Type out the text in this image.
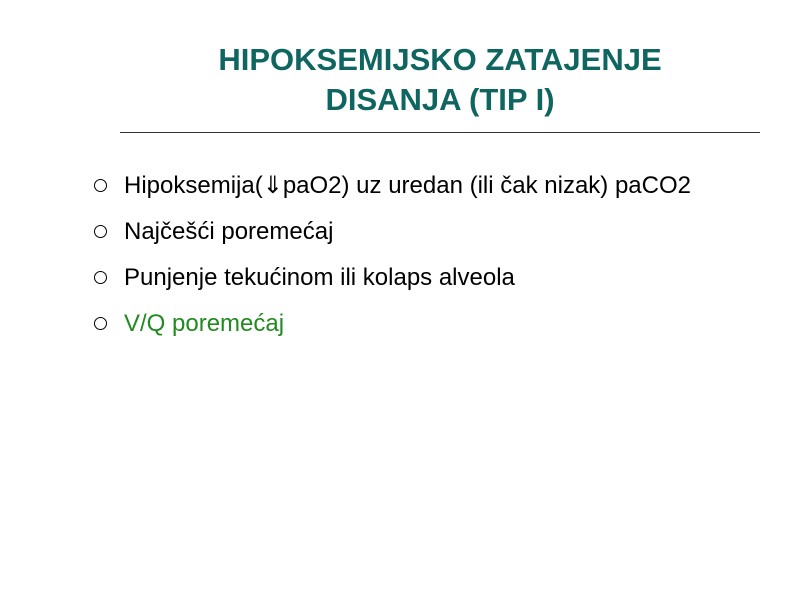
HIPOKSEMIJSKO ZATAJENJE
DISANJA (TIP I)
Hipoksemija(⇓paO2) uz uredan (ili čak nizak) paCO2
Najčešći poremećaj
Punjenje tekućinom ili kolaps alveola
V/Q poremećaj
